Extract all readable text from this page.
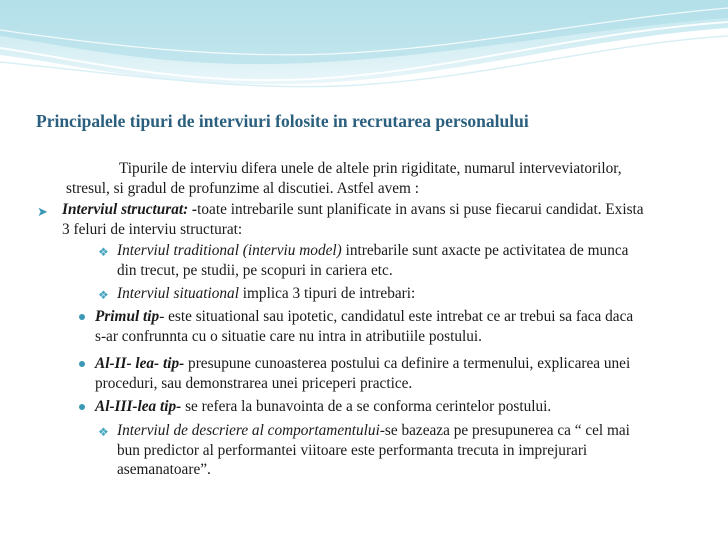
Principalele tipuri de interviuri folosite in recrutarea personalului
Tipurile de interviu difera unele de altele prin rigiditate, numarul interveviatorilor,
stresul, si gradul de profunzime al discutiei. Astfel avem :
➤ Interviul structurat: -toate intrebarile sunt planificate in avans si puse fiecarui candidat. Exista
3 feluri de interviu structurat:
❖ Interviul traditional (interviu model) intrebarile sunt axacte pe activitatea de munca
din trecut, pe studii, pe scopuri in cariera etc.
❖ Interviul situational implica 3 tipuri de intrebari:
Primul tip- este situational sau ipotetic, candidatul este intrebat ce ar trebui sa faca daca
s-ar confrunnta cu o situatie care nu intra in atributiile postului.
Al-II- lea- tip- presupune cunoasterea postului ca definire a termenului, explicarea unei
proceduri, sau demonstrarea unei priceperi practice.
Al-III-lea tip- se refera la bunavointa de a se conforma cerintelor postului.
❖ Interviul de descriere al comportamentului-se bazeaza pe presupunerea ca “ cel mai
bun predictor al performantei viitoare este performanta trecuta in imprejurari
asemanatoare”.
